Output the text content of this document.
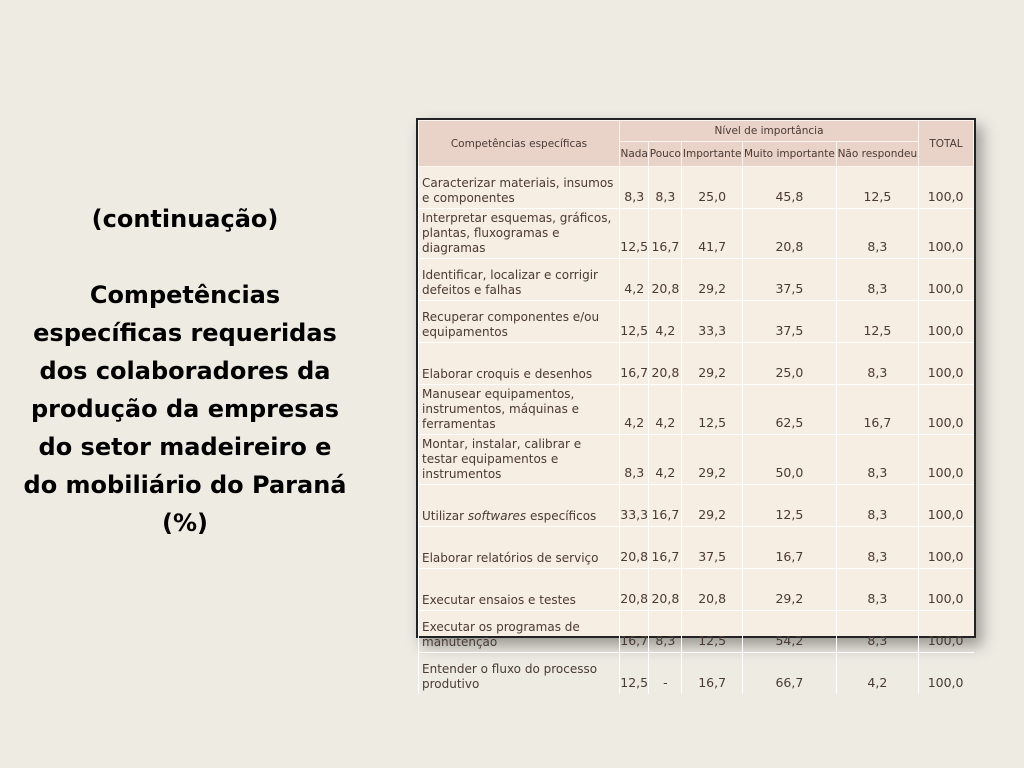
(continuação)
Competências específicas requeridas dos colaboradores da produção da empresas do setor madeireiro e do mobiliário do Paraná (%)
Competências específicas	Nível de importância					TOTAL
	Nada	Pouco	Importante	Muito importante	Não respondeu	
Caracterizar materiais, insumos e componentes	8,3	8,3	25,0	45,8	12,5	100,0
Interpretar esquemas, gráficos, plantas, fluxogramas e diagramas	12,5	16,7	41,7	20,8	8,3	100,0
Identificar, localizar e corrigir defeitos e falhas	4,2	20,8	29,2	37,5	8,3	100,0
Recuperar componentes e/ou equipamentos	12,5	4,2	33,3	37,5	12,5	100,0
Elaborar croquis e desenhos	16,7	20,8	29,2	25,0	8,3	100,0
Manusear equipamentos, instrumentos, máquinas e ferramentas	4,2	4,2	12,5	62,5	16,7	100,0
Montar, instalar, calibrar e testar equipamentos e instrumentos	8,3	4,2	29,2	50,0	8,3	100,0
Utilizar softwares específicos	33,3	16,7	29,2	12,5	8,3	100,0
Elaborar relatórios de serviço	20,8	16,7	37,5	16,7	8,3	100,0
Executar ensaios e testes	20,8	20,8	20,8	29,2	8,3	100,0
Executar os programas de manutenção	16,7	8,3	12,5	54,2	8,3	100,0
Entender o fluxo do processo produtivo	12,5	-	16,7	66,7	4,2	100,0
